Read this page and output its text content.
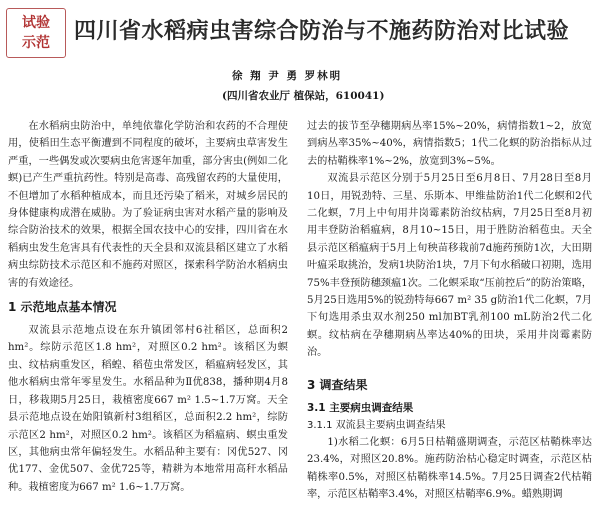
试验
示范 四川省水稻病虫害综合防治与不施药防治对比试验
徐 翔 尹 勇 罗林明
(四川省农业厅 植保站，610041)

在水稻病虫防治中，单纯依靠化学防治和农药的不合理使用，使稻田生态平衡遭到不同程度的破坏，主要病虫草害发生严重，一些偶发或次要病虫危害逐年加重，部分害虫(例如二化螟)已产生严重抗药性。特别是高毒、高残留农药的大量使用，不但增加了水稻种植成本，而且还污染了稻米，对城乡居民的身体健康构成潜在威胁。为了验证病虫害对水稻产量的影响及综合防治技术的效果，根据全国农技中心的安排，四川省在水稻病虫发生危害具有代表性的天全县和双流县稻区建立了水稻病虫综防技术示范区和不施药对照区，探索科学防治水稻病虫害的有效途径。

1 示范地点基本情况

双流县示范地点设在东升镇团邻村6社稻区，总面积2 hm²。综防示范区1.8 hm²，对照区0.2 hm²。该稻区为螟虫、纹枯病重发区，稻蝗、稻苞虫常发区，稻瘟病轻发区，其他水稻病虫常年零星发生。水稻品种为Ⅱ优838，播种期4月8日，移栽期5月25日，栽植密度667 m² 1.5~1.7万窝。天全县示范地点设在始阳镇新村3组稻区，总面积2.2 hm²，综防示范区2 hm²，对照区0.2 hm²。该稻区为稻瘟病、螟虫重发区，其他病虫常年偏轻发生。水稻品种主要有：冈优527、冈优177、金优507、金优725等，精耕为本地常用高秆水稻品种。栽植密度为667 m² 1.6~1.7万窝。

过去的拔节至孕穗期病丛率15%~20%，病情指数1~2，放宽到病丛率35%~40%，病情指数5；1代二化螟的防治指标从过去的枯鞘株率1%~2%，放宽到3%~5%。

双流县示范区分别于5月25日至6月8日、7月28日至8月10日，用锐劲特、三星、乐斯本、甲维盐防治1代二化螟和2代二化螟，7月上中旬用井岗霉素防治纹枯病，7月25日至8月初用丰登防治稻瘟病，8月10~15日，用于胜防治稻苞虫。天全县示范区稻瘟病于5月上旬秧苗移栽前7d施药预防1次，大田期叶瘟采取挑治，发病1块防治1块，7月下旬水稻破口初期，选用75%丰登预防穗颈瘟1次。二化螟采取“压前控后”的防治策略，5月25日选用5%的锐劲特每667 m² 35 g防治1代二化螟，7月下旬选用杀虫双水剂250 ml加BT乳剂100 mL防治2代二化螟。纹枯病在孕穗期病丛率达40%的田块，采用井岗霉素防治。

3 调查结果
3.1 主要病虫调查结果
3.1.1 双流县主要病虫调查结果

1)水稻二化螟：6月5日枯鞘盛期调查，示范区枯鞘株率达23.4%，对照区20.8%。施药防治枯心稳定时调查，示范区枯鞘株率0.5%，对照区枯鞘株率14.5%。7月25日调查2代枯鞘率，示范区枯鞘率3.4%，对照区枯鞘率6.9%。蜡熟期调
